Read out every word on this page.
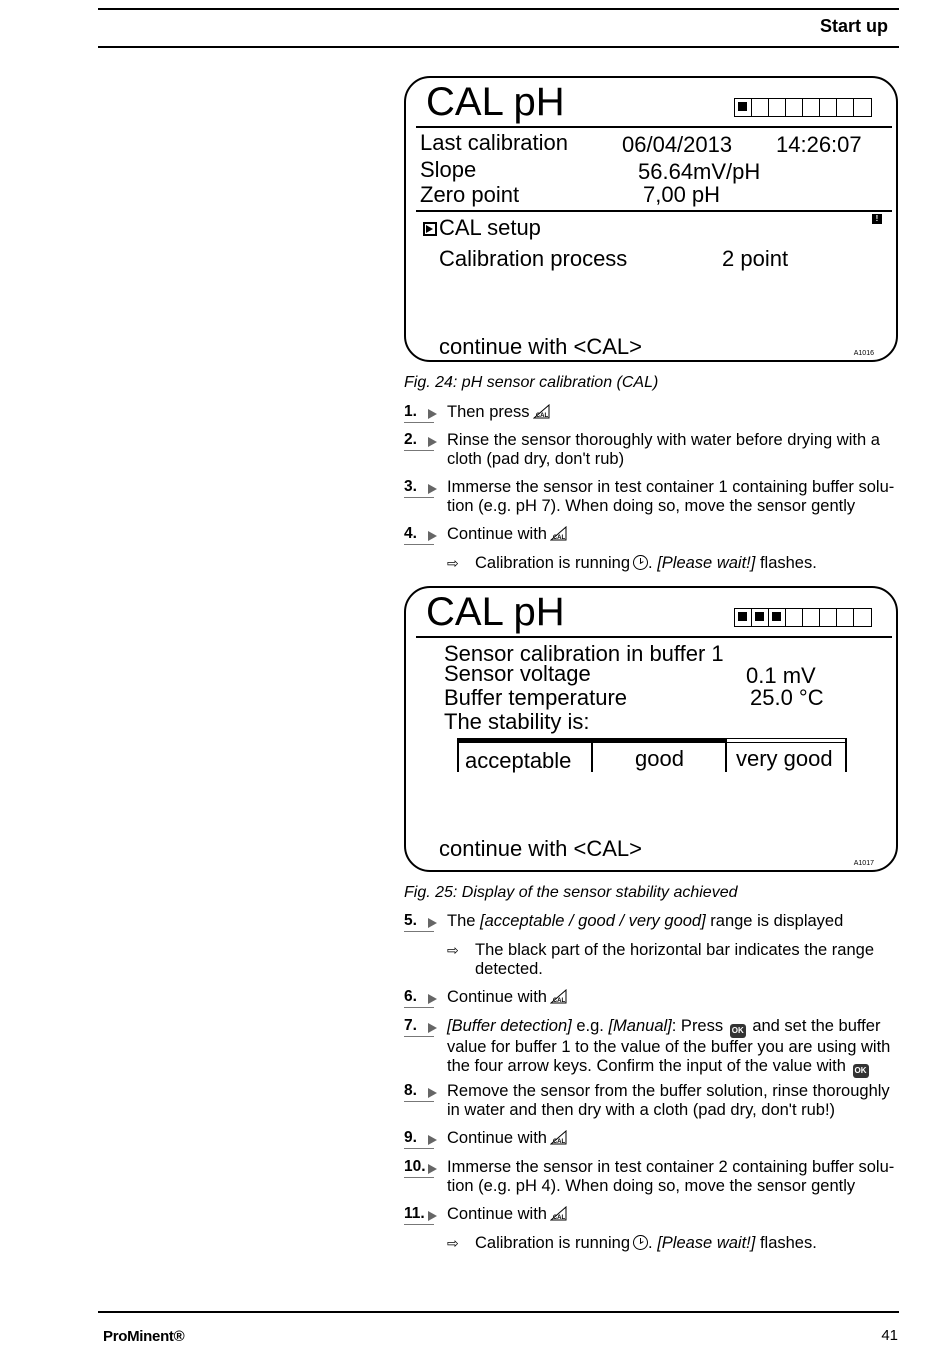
Start up
CAL pH
Last calibration 06/04/2013 14:26:07
Slope	56.64mV/pH
Zero point	7,00 pH
CAL setup	!
Calibration process	2 point
continue with <CAL>	A1016
Fig. 24: pH sensor calibration (CAL)
1.	Then press CAL
2.	Rinse the sensor thoroughly with water before drying with a cloth (pad dry, don't rub)
3.	Immerse the sensor in test container 1 containing buffer solu-tion (e.g. pH 7). When doing so, move the sensor gently
4.	Continue with CAL
⇨ Calibration is running . [Please wait!] flashes.
CAL pH
Sensor calibration in buffer 1
Sensor voltage	0.1 mV
Buffer temperature	25.0 °C
The stability is:
acceptable	good very good
continue with <CAL>
A1017
Fig. 25: Display of the sensor stability achieved
5.	The [acceptable / good / very good] range is displayed
⇨ The black part of the horizontal bar indicates the range detected.
6.	Continue with CAL
7.	[Buffer detection] e.g. [Manual]: Press OK and set the buffer value for buffer 1 to the value of the buffer you are using with the four arrow keys. Confirm the input of the value with OK
8.	Remove the sensor from the buffer solution, rinse thoroughly in water and then dry with a cloth (pad dry, don't rub!)
9.	Continue with CAL
10.	Immerse the sensor in test container 2 containing buffer solu-tion (e.g. pH 4). When doing so, move the sensor gently
11.	Continue with CAL
⇨ Calibration is running . [Please wait!] flashes.
ProMinent®	41
